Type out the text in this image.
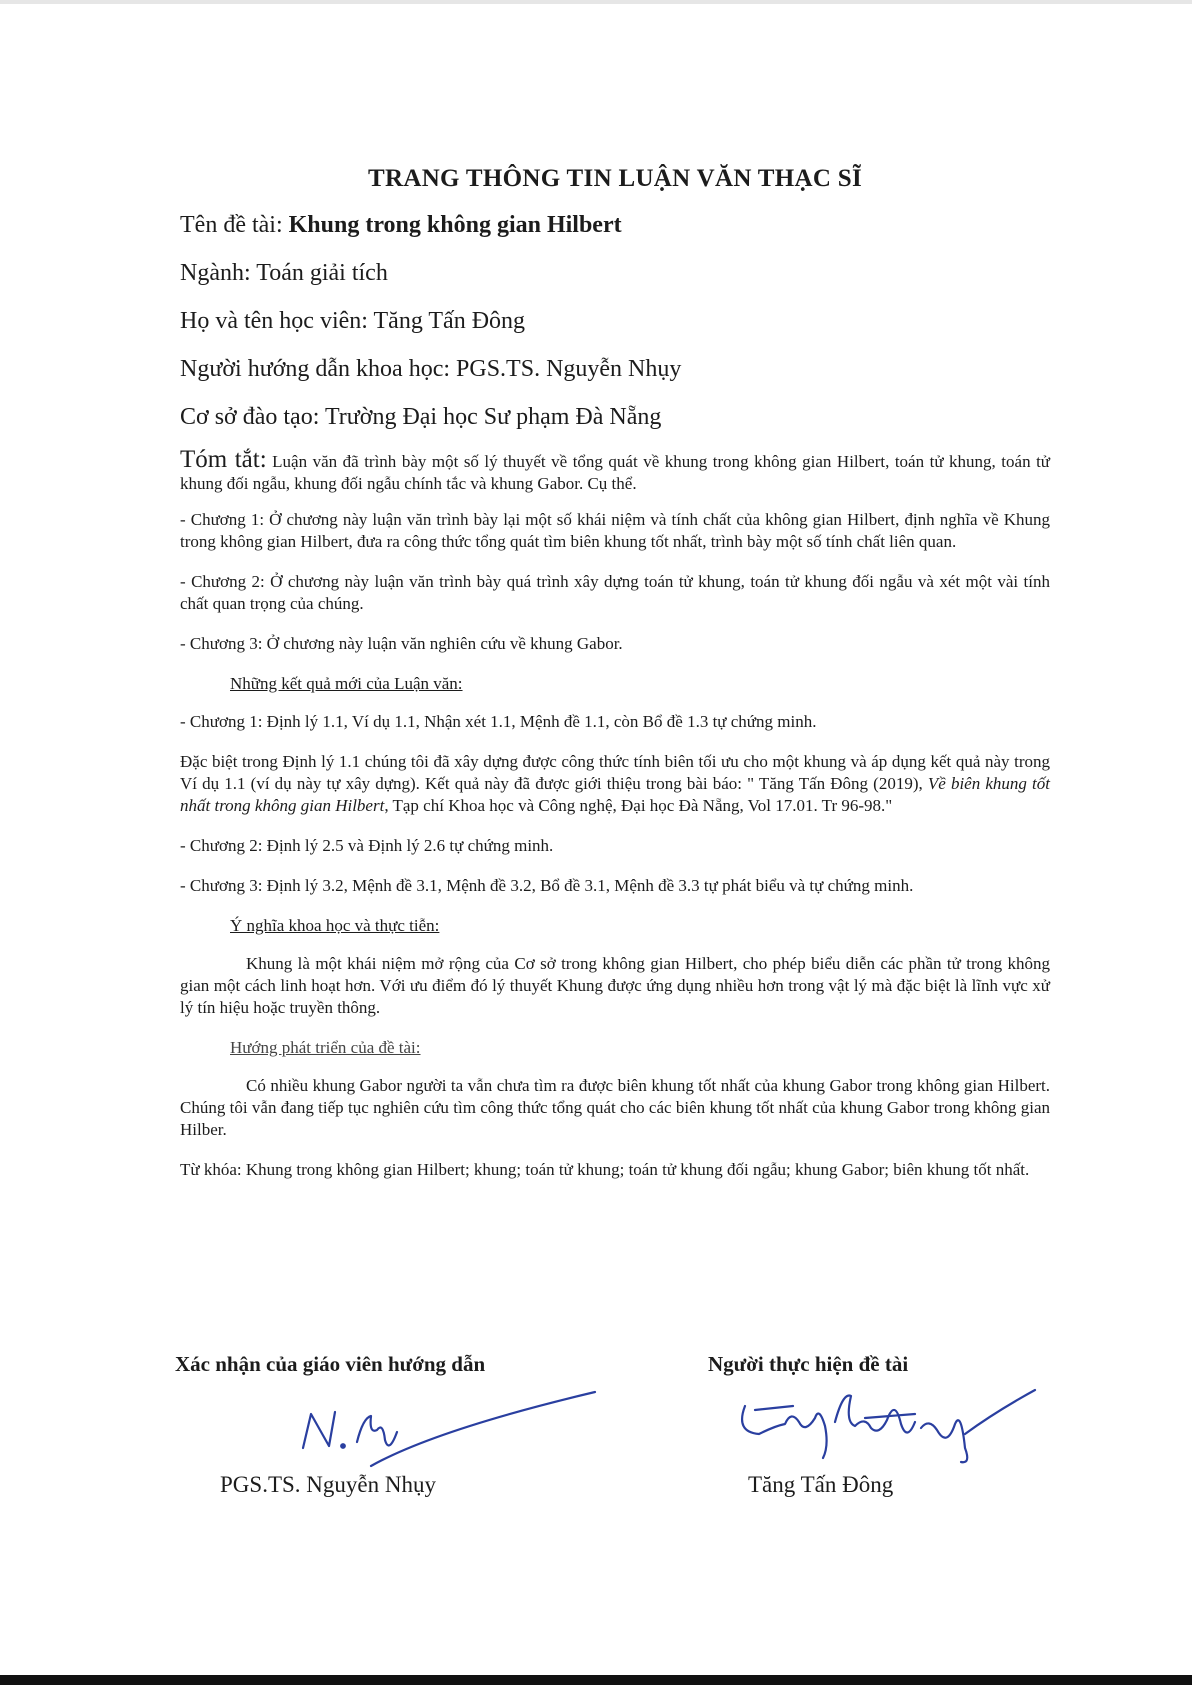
TRANG THÔNG TIN LUẬN VĂN THẠC SĨ
Tên đề tài: Khung trong không gian Hilbert
Ngành: Toán giải tích
Họ và tên học viên: Tăng Tấn Đông
Người hướng dẫn khoa học: PGS.TS. Nguyễn Nhụy
Cơ sở đào tạo: Trường Đại học Sư phạm Đà Nẵng
Tóm tắt: Luận văn đã trình bày một số lý thuyết về tổng quát về khung trong không gian Hilbert, toán tử khung, toán tử khung đối ngẫu, khung đối ngẫu chính tắc và khung Gabor. Cụ thể.

- Chương 1: Ở chương này luận văn trình bày lại một số khái niệm và tính chất của không gian Hilbert, định nghĩa về Khung trong không gian Hilbert, đưa ra công thức tổng quát tìm biên khung tốt nhất, trình bày một số tính chất liên quan.

- Chương 2: Ở chương này luận văn trình bày quá trình xây dựng toán tử khung, toán tử khung đối ngẫu và xét một vài tính chất quan trọng của chúng.

- Chương 3: Ở chương này luận văn nghiên cứu về khung Gabor.

Những kết quả mới của Luận văn:

- Chương 1: Định lý 1.1, Ví dụ 1.1, Nhận xét 1.1, Mệnh đề 1.1, còn Bổ đề 1.3 tự chứng minh.

Đặc biệt trong Định lý 1.1 chúng tôi đã xây dựng được công thức tính biên tối ưu cho một khung và áp dụng kết quả này trong Ví dụ 1.1 (ví dụ này tự xây dựng). Kết quả này đã được giới thiệu trong bài báo: " Tăng Tấn Đông (2019), Về biên khung tốt nhất trong không gian Hilbert, Tạp chí Khoa học và Công nghệ, Đại học Đà Nẵng, Vol 17.01. Tr 96-98."

- Chương 2: Định lý 2.5 và Định lý 2.6 tự chứng minh.

- Chương 3: Định lý 3.2, Mệnh đề 3.1, Mệnh đề 3.2, Bổ đề 3.1, Mệnh đề 3.3 tự phát biểu và tự chứng minh.

Ý nghĩa khoa học và thực tiễn:

Khung là một khái niệm mở rộng của Cơ sở trong không gian Hilbert, cho phép biểu diễn các phần tử trong không gian một cách linh hoạt hơn. Với ưu điểm đó lý thuyết Khung được ứng dụng nhiều hơn trong vật lý mà đặc biệt là lĩnh vực xử lý tín hiệu hoặc truyền thông.

Hướng phát triển của đề tài:

Có nhiều khung Gabor người ta vẫn chưa tìm ra được biên khung tốt nhất của khung Gabor trong không gian Hilbert. Chúng tôi vẫn đang tiếp tục nghiên cứu tìm công thức tổng quát cho các biên khung tốt nhất của khung Gabor trong không gian Hilber.

Từ khóa: Khung trong không gian Hilbert; khung; toán tử khung; toán tử khung đối ngẫu; khung Gabor; biên khung tốt nhất.

Xác nhận của giáo viên hướng dẫn	Người thực hiện đề tài
PGS.TS. Nguyễn Nhụy	Tăng Tấn Đông
